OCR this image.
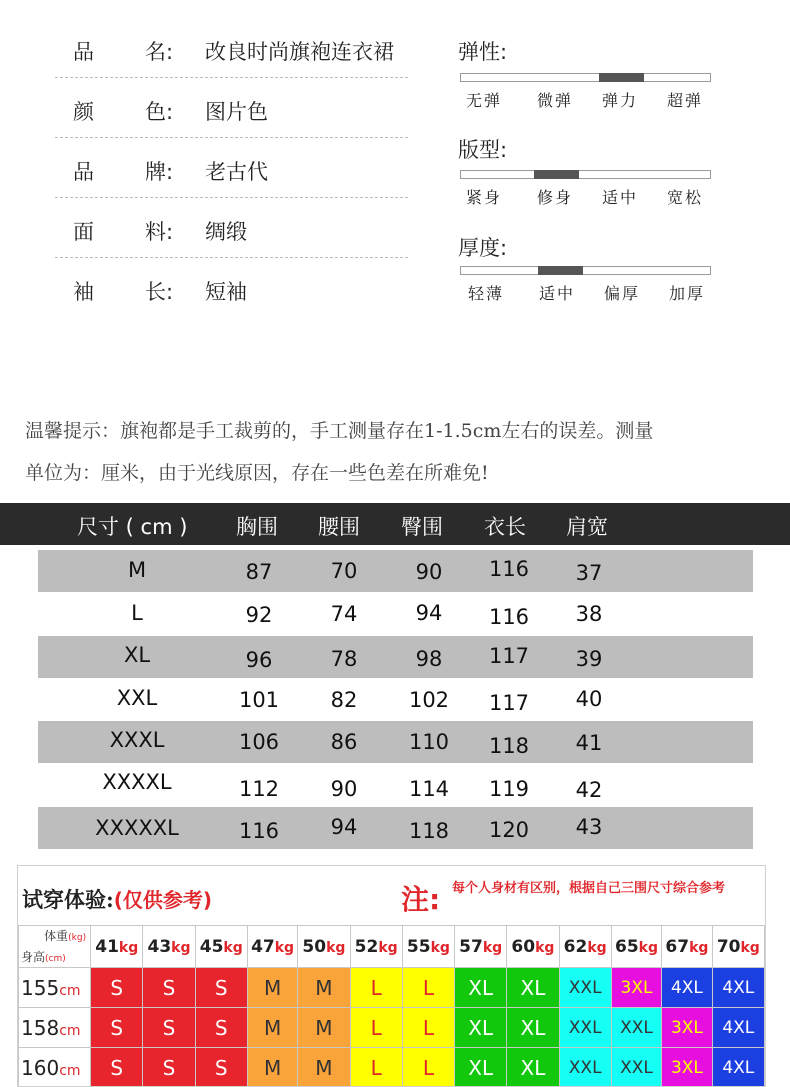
品 名: 改良时尚旗袍连衣裙
颜 色: 图片色
品 牌: 老古代
面 料: 绸缎
袖 长: 短袖
弹性:
无弹 微弹 弹力 超弹
版型:
紧身 修身 适中 宽松
厚度:
轻薄 适中 偏厚 加厚
温馨提示：旗袍都是手工裁剪的，手工测量存在1-1.5cm左右的误差。测量
单位为：厘米，由于光线原因，存在一些色差在所难免!
尺寸 ( cm ) 胸围 腰围 臀围 衣长 肩宽
M	87	70	90 116 37
L	92	74	94 116 38
XL	96	78	98 117 39
XXL	101 82 102 117 40
XXXL	106 86 110 118 41
XXXXL	112 90 114 119 42
XXXXXL	116 94 118 120 43
试穿体验:(仅供参考)	注: 每个人身材有区别，根据自己三围尺寸综合参考
体重(kg)
身高(cm)	41kg	43kg	45kg	47kg	50kg	52kg	55kg	57kg	60kg	62kg	65kg	67kg	70kg
155cm	S	S	S	M	M	L	L	XL	XL	XXL	3XL	4XL	4XL
158cm	S	S	S	M	M	L	L	XL	XL	XXL	XXL	3XL	4XL
160cm	S	S	S	M	M	L	L	XL	XL	XXL	XXL	3XL	4XL
